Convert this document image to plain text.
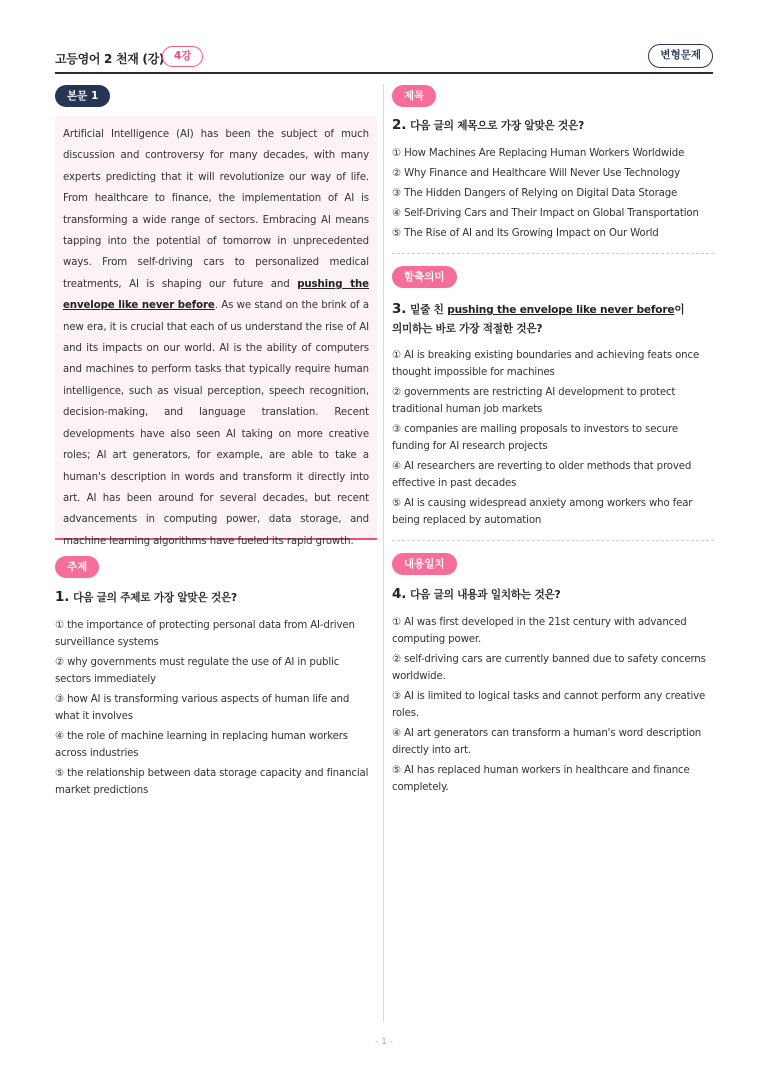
고등영어 2 천재 (강) 4강	변형문제
본문 1

Artificial Intelligence (AI) has been the subject of much discussion and controversy for many decades, with many experts predicting that it will revolutionize our way of life. From healthcare to finance, the implementation of AI is transforming a wide range of sectors. Embracing AI means tapping into the potential of tomorrow in unprecedented ways. From self-driving cars to personalized medical treatments, AI is shaping our future and pushing the envelope like never before. As we stand on the brink of a new era, it is crucial that each of us understand the rise of AI and its impacts on our world. AI is the ability of computers and machines to perform tasks that typically require human intelligence, such as visual perception, speech recognition, decision-making, and language translation. Recent developments have also seen AI taking on more creative roles; AI art generators, for example, are able to take a human's description in words and transform it directly into art. AI has been around for several decades, but recent advancements in computing power, data storage, and machine learning algorithms have fueled its rapid growth.

주제
1. 다음 글의 주제로 가장 알맞은 것은?
① the importance of protecting personal data from AI-driven
surveillance systems
② why governments must regulate the use of AI in public
sectors immediately
③ how AI is transforming various aspects of human life and
what it involves
④ the role of machine learning in replacing human workers
across industries
⑤ the relationship between data storage capacity and financial
market predictions
제목
2. 다음 글의 제목으로 가장 알맞은 것은?
① How Machines Are Replacing Human Workers Worldwide
② Why Finance and Healthcare Will Never Use Technology
③ The Hidden Dangers of Relying on Digital Data Storage
④ Self-Driving Cars and Their Impact on Global Transportation
⑤ The Rise of AI and Its Growing Impact on Our World
함축의미
3. 밑줄 친 pushing the envelope like never before이
의미하는 바로 가장 적절한 것은?
① AI is breaking existing boundaries and achieving feats once
thought impossible for machines
② governments are restricting AI development to protect
traditional human job markets
③ companies are mailing proposals to investors to secure
funding for AI research projects
④ AI researchers are reverting to older methods that proved
effective in past decades
⑤ AI is causing widespread anxiety among workers who fear
being replaced by automation
내용일치
4. 다음 글의 내용과 일치하는 것은?
① AI was first developed in the 21st century with advanced
computing power.
② self-driving cars are currently banned due to safety concerns
worldwide.
③ AI is limited to logical tasks and cannot perform any creative
roles.
④ AI art generators can transform a human's word description
directly into art.
⑤ AI has replaced human workers in healthcare and finance
completely.
- 1 -
